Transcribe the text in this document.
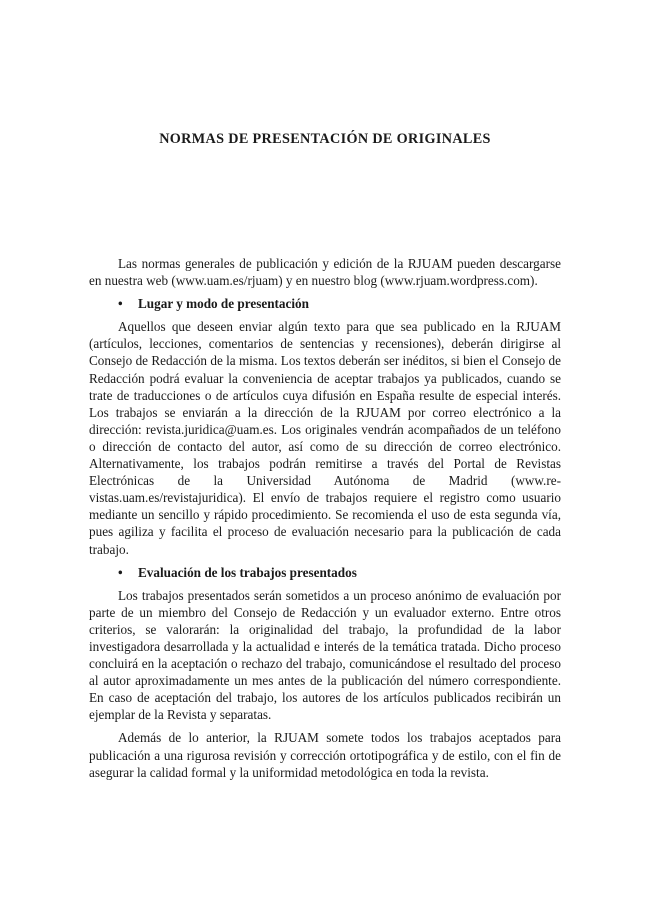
NORMAS DE PRESENTACIÓN DE ORIGINALES

Las normas generales de publicación y edición de la RJUAM pueden descargarse en nuestra web (www.uam.es/rjuam) y en nuestro blog (www.rjuam.wordpress.com).

•	Lugar y modo de presentación

Aquellos que deseen enviar algún texto para que sea publicado en la RJUAM (artículos, lecciones, comentarios de sentencias y recensiones), deberán dirigirse al Consejo de Redacción de la misma. Los textos deberán ser inéditos, si bien el Consejo de Redacción podrá evaluar la conveniencia de aceptar trabajos ya publicados, cuando se trate de traducciones o de artículos cuya difusión en España resulte de especial interés. Los trabajos se enviarán a la dirección de la RJUAM por correo electrónico a la dirección: revista.juridica@uam.es. Los originales vendrán acompañados de un teléfono o dirección de contacto del autor, así como de su dirección de correo electrónico. Alternativamente, los trabajos podrán remitirse a través del Portal de Revistas Electrónicas de la Universidad Autónoma de Madrid (www.revistas.uam.es/revistajuridica). El envío de trabajos requiere el registro como usuario mediante un sencillo y rápido procedimiento. Se recomienda el uso de esta segunda vía, pues agiliza y facilita el proceso de evaluación necesario para la publicación de cada trabajo.

•	Evaluación de los trabajos presentados

Los trabajos presentados serán sometidos a un proceso anónimo de evaluación por parte de un miembro del Consejo de Redacción y un evaluador externo. Entre otros criterios, se valorarán: la originalidad del trabajo, la profundidad de la labor investigadora desarrollada y la actualidad e interés de la temática tratada. Dicho proceso concluirá en la aceptación o rechazo del trabajo, comunicándose el resultado del proceso al autor aproximadamente un mes antes de la publicación del número correspondiente. En caso de aceptación del trabajo, los autores de los artículos publicados recibirán un ejemplar de la Revista y separatas.

Además de lo anterior, la RJUAM somete todos los trabajos aceptados para publicación a una rigurosa revisión y corrección ortotipográfica y de estilo, con el fin de asegurar la calidad formal y la uniformidad metodológica en toda la revista.
